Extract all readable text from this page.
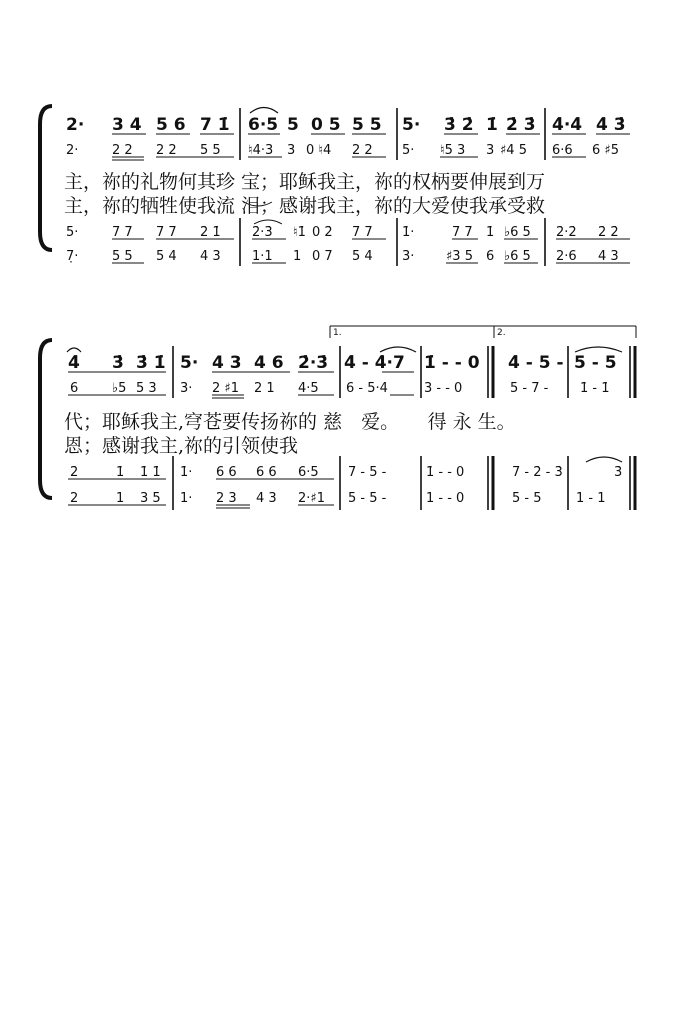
2· 3 4 5 6 7 1̇ 6·5 5 0 5 5 5 5· 3̇ 2̇ 1̇ 2̇ 3̇ 4̇·4̇ 4̇ 3̇
2·	2 2 2 2 5 5 ♮4·3 3 0 ♮4 2 2 5· ♮5 3 3 ♯4 5 6·6 6 ♯5
主，祢的礼物何其珍 宝；耶稣我主，祢的权柄要伸展到万
主，祢的牺牲使我流 泪；感谢我主，祢的大爱使我承受救
5·	7 7 7 7 2̇ 1̇ 2̇·3̇ ♮1̇ 0 2̇ 7 7 1̇·	7 7 1̇ ♭6 5 2̇·2̇ 2̇ 2̇
7̣·	5 5 5 4 4 3 1·1 1 0 7 5 4 3· ♯3 5 6 ♭6 5 2·6 4 3
1.	2.
4̇ 3̇ 3̇ 1̇ 5· 4 3 4 6 2̇·3̇ 4̇ - 4̇·7 1̇ - - 0 4̇ - 5 - 5 - 5
6	♭5 5 3 3· 2 ♯1 2 1 4·5 6 - 5·4	3 - - 0	5 - 7 - 1̇ - 1̇
代；耶稣我主,穹苍要传扬祢的 慈　爱。　　得 永 生。
恩；感谢我主,祢的引领使我
2̇	1̇ 1̇ 1̇ 1̇· 6 6 6 6 6·5 7 - 5 -	1̇ - - 0	7 - 2̇ - 3̇	3̇
2	1 3 5 1· 2 3 4 3 2·♯1 5 - 5 -	1 - - 0	5 - 5	1 - 1
